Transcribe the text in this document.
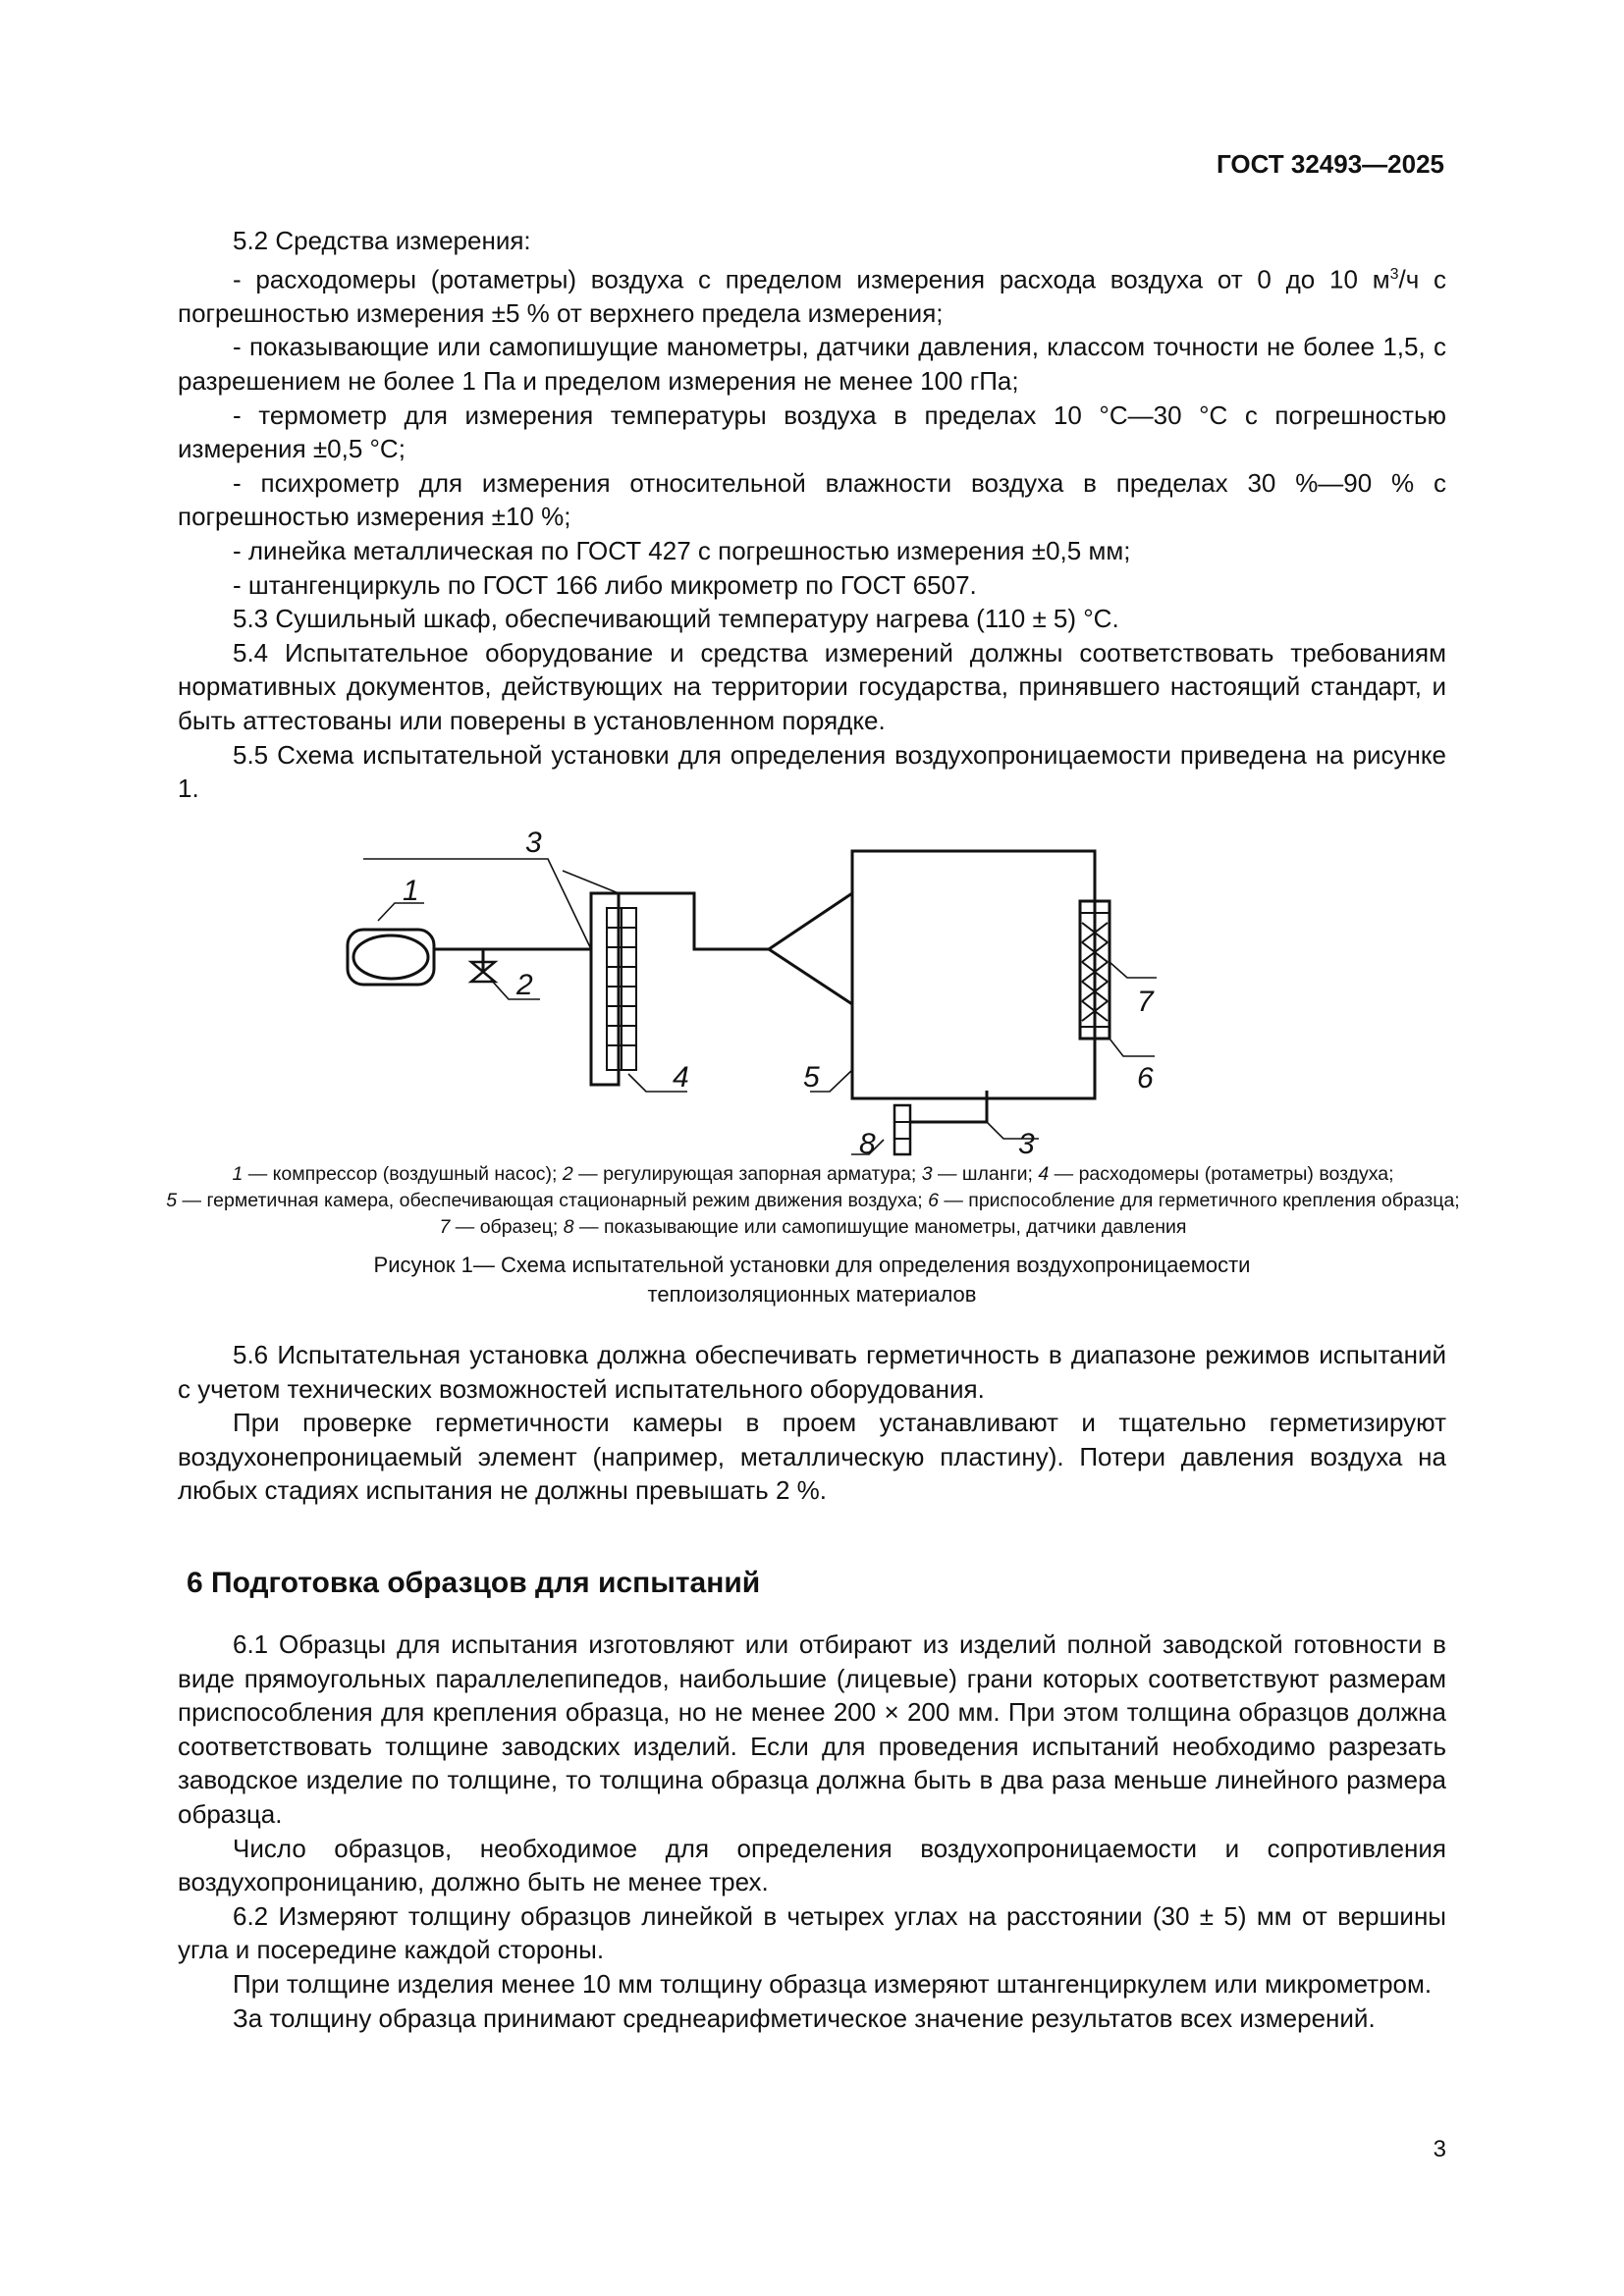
ГОСТ 32493—2025

5.2 Средства измерения:

- расходомеры (ротаметры) воздуха с пределом измерения расхода воздуха от 0 до 10 $м^3/ч$ с погрешностью измерения ±5 % от верхнего предела измерения;

- показывающие или самопишущие манометры, датчики давления, классом точности не более 1,5, с разрешением не более 1 Па и пределом измерения не менее 100 гПа;

- термометр для измерения температуры воздуха в пределах 10 °С—30 °С с погрешностью измерения ±0,5 °С;

- психрометр для измерения относительной влажности воздуха в пределах 30 %—90 % с погрешностью измерения ±10 %;

- линейка металлическая по ГОСТ 427 с погрешностью измерения ±0,5 мм;

- штангенциркуль по ГОСТ 166 либо микрометр по ГОСТ 6507.

5.3 Сушильный шкаф, обеспечивающий температуру нагрева (110 ± 5) °С.

5.4 Испытательное оборудование и средства измерений должны соответствовать требованиям нормативных документов, действующих на территории государства, принявшего настоящий стандарт, и быть аттестованы или поверены в установленном порядке.

5.5 Схема испытательной установки для определения воздухопроницаемости приведена на рисунке 1.

1
2
3
4	5	6
7
8	3
1 — компрессор (воздушный насос); 2 — регулирующая запорная арматура; 3 — шланги; 4 — расходомеры (ротаметры) воздуха;
5 — герметичная камера, обеспечивающая стационарный режим движения воздуха; 6 — приспособление для герметичного крепления образца;
7 — образец; 8 — показывающие или самопишущие манометры, датчики давления
Рисунок 1— Схема испытательной установки для определения воздухопроницаемости
теплоизоляционных материалов

5.6 Испытательная установка должна обеспечивать герметичность в диапазоне режимов испытаний с учетом технических возможностей испытательного оборудования.

При проверке герметичности камеры в проем устанавливают и тщательно герметизируют воздухонепроницаемый элемент (например, металлическую пластину). Потери давления воздуха на любых стадиях испытания не должны превышать 2 %.

6 Подготовка образцов для испытаний

6.1 Образцы для испытания изготовляют или отбирают из изделий полной заводской готовности в виде прямоугольных параллелепипедов, наибольшие (лицевые) грани которых соответствуют размерам приспособления для крепления образца, но не менее 200 × 200 мм. При этом толщина образцов должна соответствовать толщине заводских изделий. Если для проведения испытаний необходимо разрезать заводское изделие по толщине, то толщина образца должна быть в два раза меньше линейного размера образца.

Число образцов, необходимое для определения воздухопроницаемости и сопротивления воздухопроницанию, должно быть не менее трех.

6.2 Измеряют толщину образцов линейкой в четырех углах на расстоянии (30 ± 5) мм от вершины угла и посередине каждой стороны.

При толщине изделия менее 10 мм толщину образца измеряют штангенциркулем или микрометром.

За толщину образца принимают среднеарифметическое значение результатов всех измерений.

3
